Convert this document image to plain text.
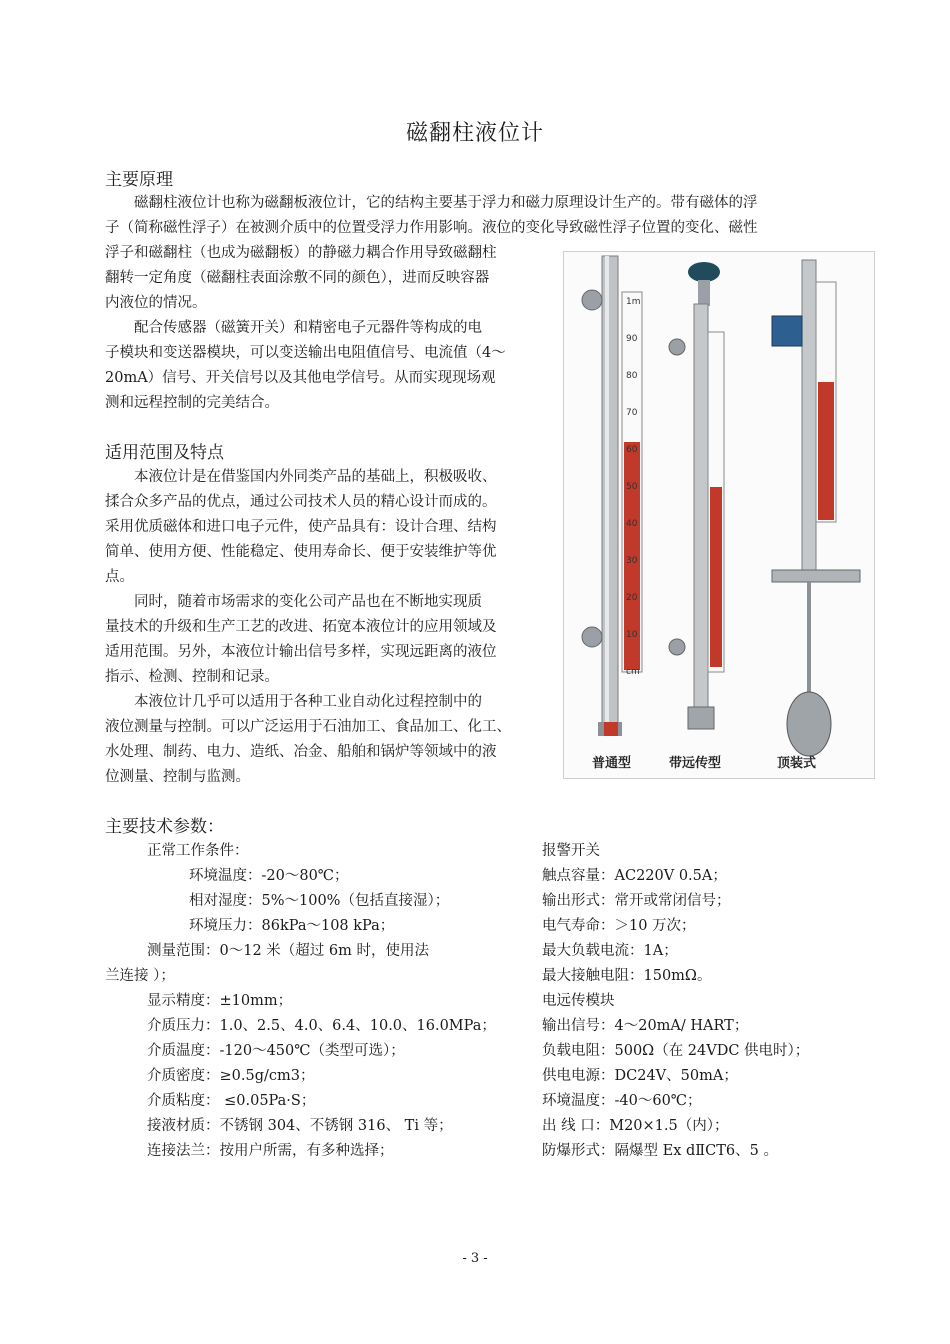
磁翻柱液位计
主要原理
　　磁翻柱液位计也称为磁翻板液位计，它的结构主要基于浮力和磁力原理设计生产的。带有磁体的浮
子（简称磁性浮子）在被测介质中的位置受浮力作用影响。液位的变化导致磁性浮子位置的变化、磁性
浮子和磁翻柱（也成为磁翻板）的静磁力耦合作用导致磁翻柱
翻转一定角度（磁翻柱表面涂敷不同的颜色），进而反映容器
内液位的情况。
　　配合传感器（磁簧开关）和精密电子元器件等构成的电
子模块和变送器模块，可以变送输出电阻值信号、电流值（4～
20mA）信号、开关信号以及其他电学信号。从而实现现场观
测和远程控制的完美结合。
适用范围及特点
　　本液位计是在借鉴国内外同类产品的基础上，积极吸收、
揉合众多产品的优点，通过公司技术人员的精心设计而成的。
采用优质磁体和进口电子元件，使产品具有：设计合理、结构
简单、使用方便、性能稳定、使用寿命长、便于安装维护等优
点。
　　同时，随着市场需求的变化公司产品也在不断地实现质
量技术的升级和生产工艺的改进、拓宽本液位计的应用领域及
适用范围。另外，本液位计输出信号多样，实现远距离的液位
指示、检测、控制和记录。
　　本液位计几乎可以适用于各种工业自动化过程控制中的
液位测量与控制。可以广泛运用于石油加工、食品加工、化工、
水处理、制药、电力、造纸、冶金、船舶和锅炉等领域中的液
位测量、控制与监测。
1m
90
80
70
60
50
40
30
20
10
cm
普通型	带远传型	顶装式
主要技术参数：
正常工作条件：
环境温度：-20～80℃；
相对湿度：5%～100%（包括直接湿）；
环境压力：86kPa～108 kPa；
测量范围：0～12 米（超过 6m 时，使用法
兰连接 ）；
显示精度：±10mm；
介质压力：1.0、2.5、4.0、6.4、10.0、16.0MPa；
介质温度：-120～450℃（类型可选）；
介质密度：≥0.5g/cm3；
介质粘度： ≤0.05Pa·S；
接液材质：不锈钢 304、不锈钢 316、 Ti 等；
连接法兰：按用户所需，有多种选择；
报警开关
触点容量：AC220V 0.5A；
输出形式：常开或常闭信号；
电气寿命：＞10 万次；
最大负载电流：1A；
最大接触电阻：150mΩ。
电远传模块
输出信号：4～20mA/ HART；
负载电阻：500Ω（在 24VDC 供电时）；
供电电源：DC24V、50mA；
环境温度：-40～60℃；
出 线 口：M20×1.5（内）；
防爆形式：隔爆型 Ex dⅡCT6、5 。
- 3 -
